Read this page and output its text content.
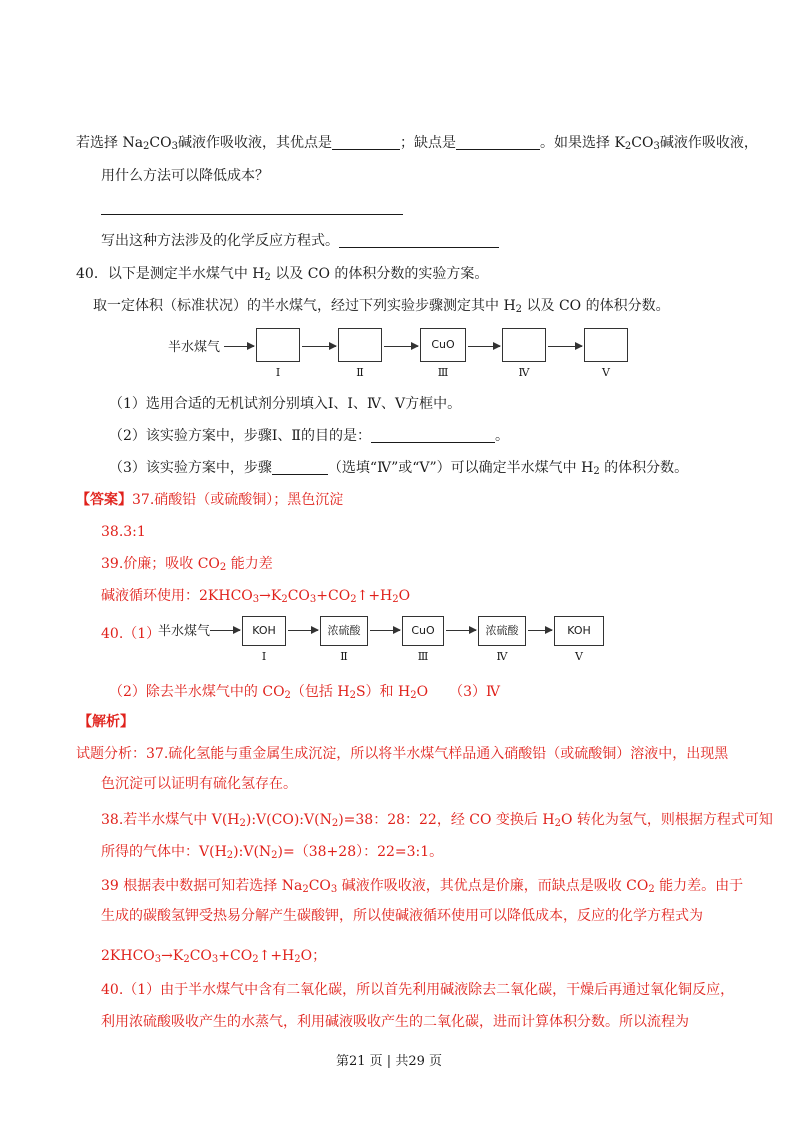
若选择 $Na_2CO_3$碱液作吸收液，其优点是	；缺点是	。如果选择 $K_2CO_3$碱液作吸收液，
用什么方法可以降低成本？
写出这种方法涉及的化学反应方程式。
40．以下是测定半水煤气中 $H_2$ 以及 CO 的体积分数的实验方案。
取一定体积（标准状况）的半水煤气，经过下列实验步骤测定其中 $H_2$ 以及 CO 的体积分数。
半水煤气	CuO
Ⅰ	Ⅱ	Ⅲ	Ⅳ	Ⅴ
（1）选用合适的无机试剂分别填入Ⅰ、Ⅰ、Ⅳ、Ⅴ方框中。
（2）该实验方案中，步骤Ⅰ、Ⅱ的目的是：	。
（3）该实验方案中，步骤	（选填“Ⅳ”或“Ⅴ”）可以确定半水煤气中 $H_2$ 的体积分数。
【答案】37.硝酸铅（或硫酸铜）；黑色沉淀
38.3:1
39.价廉；吸收 $CO_2$ 能力差
碱液循环使用：$2KHCO_3\to K_2CO_3+CO_2↑+H_2O$
40.（1）
半水煤气	KOH	浓硫酸	CuO	浓硫酸	KOH
Ⅰ	Ⅱ	Ⅲ	Ⅳ	Ⅴ
（2）除去半水煤气中的 $CO_2$（包括 $H_2S$）和 $H_2O$　　（3）Ⅳ
【解析】
试题分析：37.硫化氢能与重金属生成沉淀，所以将半水煤气样品通入硝酸铅（或硫酸铜）溶液中，出现黑
色沉淀可以证明有硫化氢存在。
38.若半水煤气中 $V(H_2):V(CO):V(N_2)=38$：28：22，经 CO 变换后 $H_2O$ 转化为氢气，则根据方程式可知
所得的气体中：$V(H_2):V(N_2)=(38+28)$：22=3:1。
39 根据表中数据可知若选择 $Na_2CO_3$ 碱液作吸收液，其优点是价廉，而缺点是吸收 $CO_2$ 能力差。由于
生成的碳酸氢钾受热易分解产生碳酸钾，所以使碱液循环使用可以降低成本，反应的化学方程式为
$2KHCO_3\to K_2CO_3+CO_2↑+H_2O$；
40.（1）由于半水煤气中含有二氧化碳，所以首先利用碱液除去二氧化碳，干燥后再通过氧化铜反应，
利用浓硫酸吸收产生的水蒸气，利用碱液吸收产生的二氧化碳，进而计算体积分数。所以流程为
第21 页 | 共29 页
